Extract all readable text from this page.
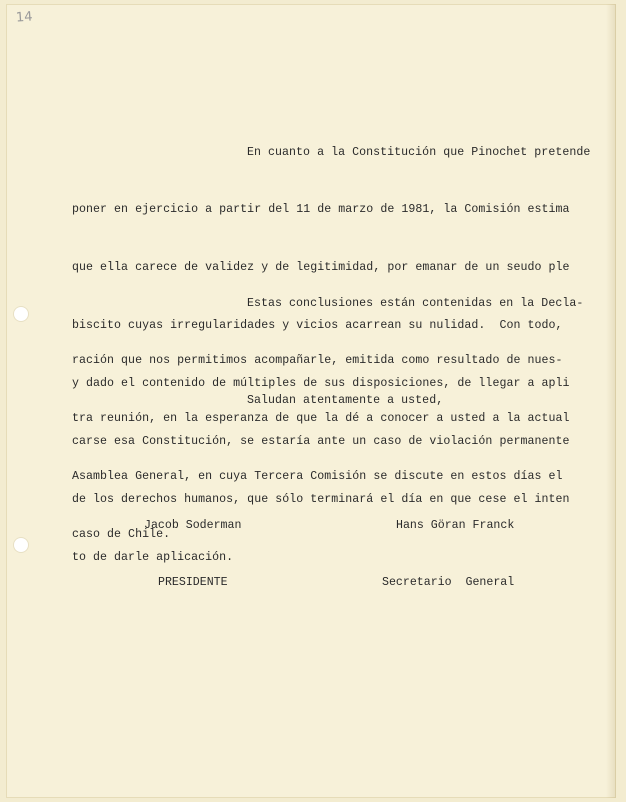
14

En cuanto a la Constitución que Pinochet pretende

poner en ejercicio a partir del 11 de marzo de 1981, la Comisión estima

que ella carece de validez y de legitimidad, por emanar de un seudo ple

biscito cuyas irregularidades y vicios acarrean su nulidad.  Con todo,

y dado el contenido de múltiples de sus disposiciones, de llegar a apli

carse esa Constitución, se estaría ante un caso de violación permanente

de los derechos humanos, que sólo terminará el día en que cese el inten

to de darle aplicación.

Estas conclusiones están contenidas en la Decla-

ración que nos permitimos acompañarle, emitida como resultado de nues-

tra reunión, en la esperanza de que la dé a conocer a usted a la actual

Asamblea General, en cuya Tercera Comisión se discute en estos días el

caso de Chile.

Saludan atentamente a usted,

Jacob Soderman

PRESIDENTE

Hans Göran Franck

Secretario  General
